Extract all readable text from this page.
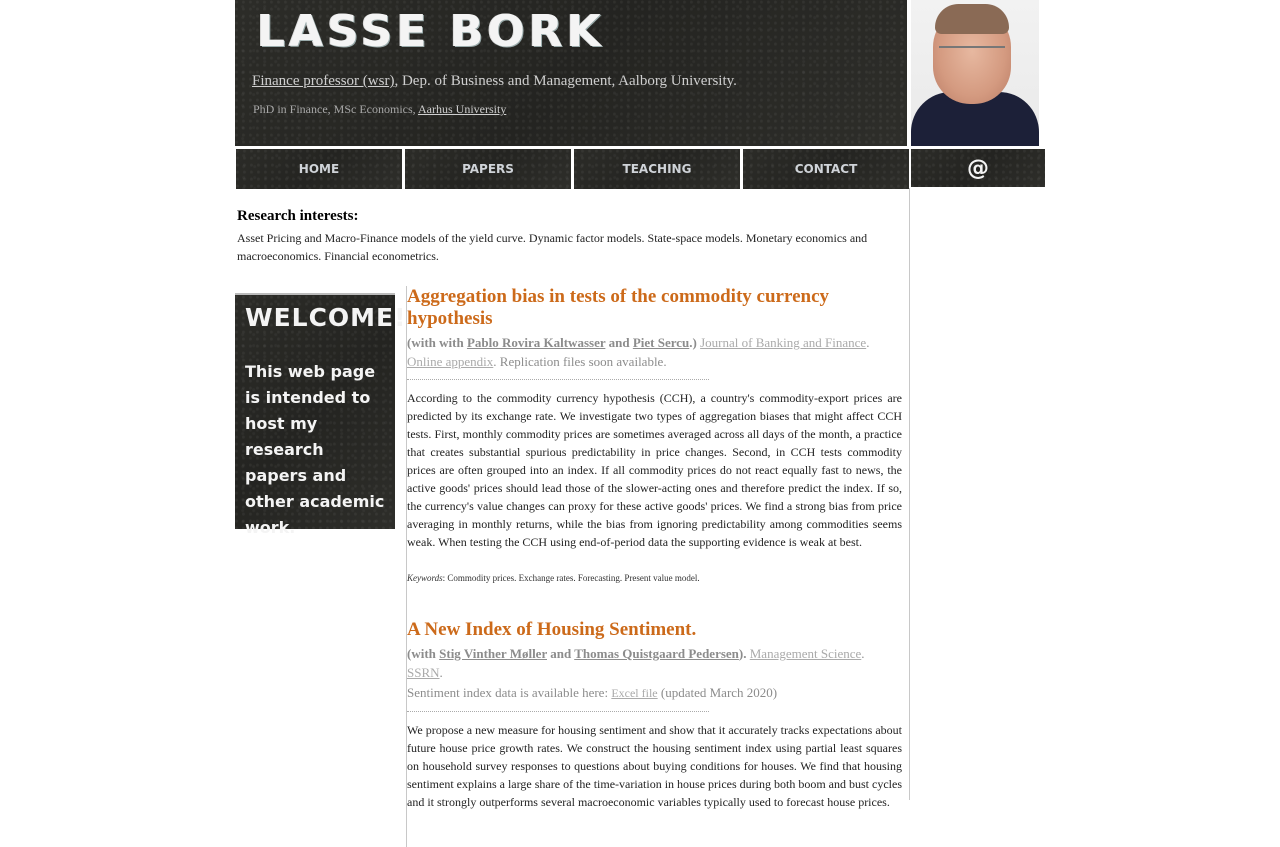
LASSE BORK
Finance professor (wsr), Dep. of Business and Management, Aalborg University.
PhD in Finance, MSc Economics, Aarhus University
HOME	PAPERS	TEACHING	CONTACT	@
Research interests:

Asset Pricing and Macro-Finance models of the yield curve. Dynamic factor models. State-space models. Monetary economics and macroeconomics. Financial econometrics.

WELCOME!
This web page is intended to host my research papers and other academic work.
Aggregation bias in tests of the commodity currency hypothesis
(with with Pablo Rovira Kaltwasser and Piet Sercu.) Journal of Banking and Finance.
Online appendix. Replication files soon available.

According to the commodity currency hypothesis (CCH), a country's commodity-export prices are predicted by its exchange rate. We investigate two types of aggregation biases that might affect CCH tests. First, monthly commodity prices are sometimes averaged across all days of the month, a practice that creates substantial spurious predictability in price changes. Second, in CCH tests commodity prices are often grouped into an index. If all commodity prices do not react equally fast to news, the active goods' prices should lead those of the slower-acting ones and therefore predict the index. If so, the currency's value changes can proxy for these active goods' prices. We find a strong bias from price averaging in monthly returns, while the bias from ignoring predictability among commodities seems weak. When testing the CCH using end-of-period data the supporting evidence is weak at best.

Keywords: Commodity prices. Exchange rates. Forecasting. Present value model.

A New Index of Housing Sentiment.
(with Stig Vinther Møller and Thomas Quistgaard Pedersen). Management Science.
SSRN.
Sentiment index data is available here: Excel file (updated March 2020)

We propose a new measure for housing sentiment and show that it accurately tracks expectations about future house price growth rates. We construct the housing sentiment index using partial least squares on household survey responses to questions about buying conditions for houses. We find that housing sentiment explains a large share of the time-variation in house prices during both boom and bust cycles and it strongly outperforms several macroeconomic variables typically used to forecast house prices.
